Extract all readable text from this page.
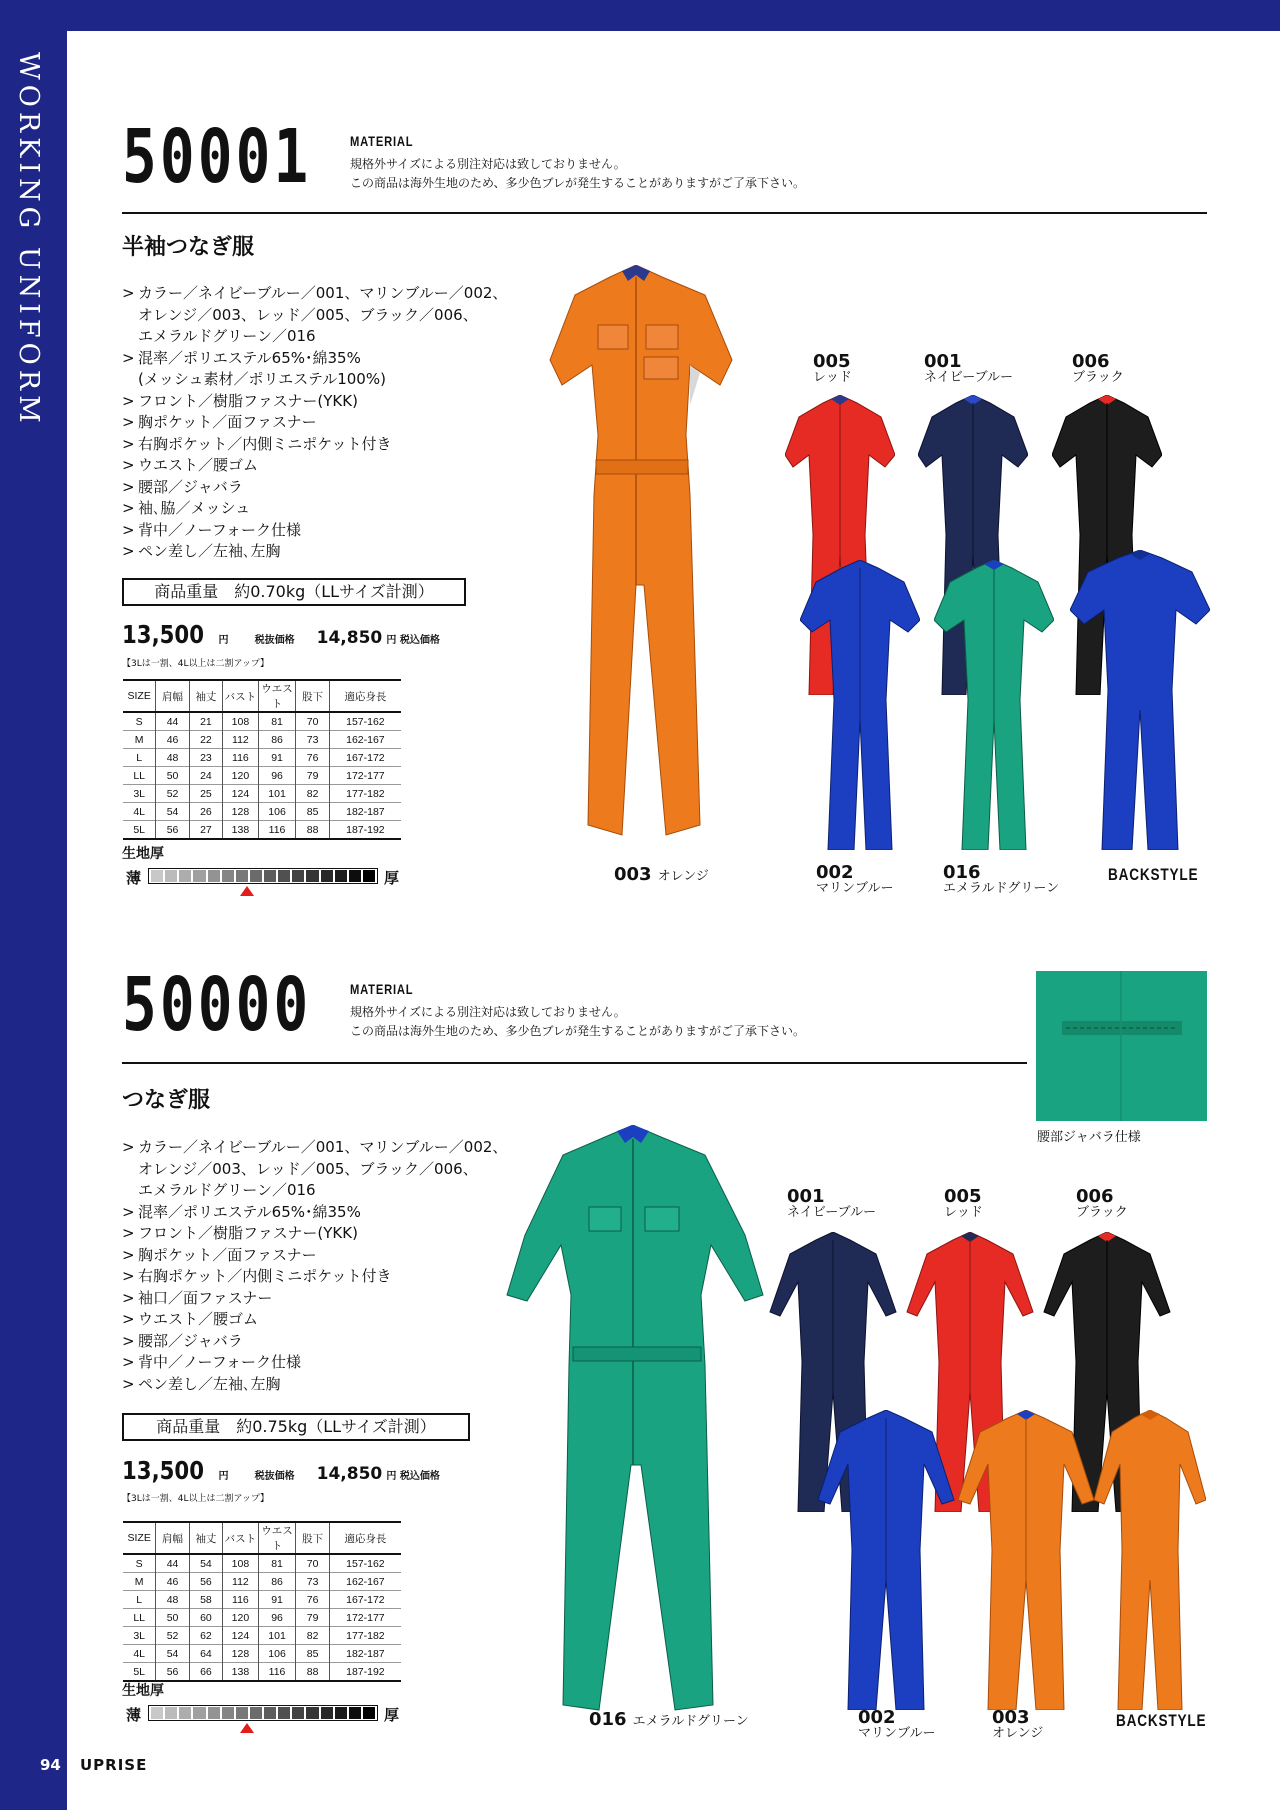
WORKING UNIFORM
94 UPRISE
50001	MATERIAL
規格外サイズによる別注対応は致しておりません。
この商品は海外生地のため、多少色ブレが発生することがありますがご了承下さい。
半袖つなぎ服
> カラー／ネイビーブルー／001、マリンブルー／002、
オレンジ／003、レッド／005、ブラック／006、
エメラルドグリーン／016
> 混率／ポリエステル65%･綿35%
(メッシュ素材／ポリエステル100%)
> フロント／樹脂ファスナー(YKK)
> 胸ポケット／面ファスナー
> 右胸ポケット／内側ミニポケット付き
> ウエスト／腰ゴム
> 腰部／ジャバラ
> 袖､脇／メッシュ
> 背中／ノーフォーク仕様
> ペン差し／左袖､左胸
商品重量　約0.70kg（LLサイズ計測）
13,500 円	税抜価格 14,850 円 税込価格
【3Lは一割、4L以上は二割アップ】
SIZE	肩幅	袖丈	バスト	ウエスト	股下	適応身長
S	44	21	108	81	70	157-162
M	46	22	112	86	73	162-167
L	48	23	116	91	76	167-172
LL	50	24	120	96	79	172-177
3L	52	25	124	101	82	177-182
4L	54	26	128	106	85	182-187
5L	56	27	138	116	88	187-192
生地厚
薄	厚	003 オレンジ
005
レッド
001
ネイビーブルー
006
ブラック
002
マリンブルー
016
エメラルドグリーン
BACKSTYLE
50000	MATERIAL
規格外サイズによる別注対応は致しておりません。
この商品は海外生地のため、多少色ブレが発生することがありますがご了承下さい。
つなぎ服
> カラー／ネイビーブルー／001、マリンブルー／002、
オレンジ／003、レッド／005、ブラック／006、
エメラルドグリーン／016
> 混率／ポリエステル65%･綿35%
> フロント／樹脂ファスナー(YKK)
> 胸ポケット／面ファスナー
> 右胸ポケット／内側ミニポケット付き
> 袖口／面ファスナー
> ウエスト／腰ゴム
> 腰部／ジャバラ
> 背中／ノーフォーク仕様
> ペン差し／左袖､左胸
商品重量　約0.75kg（LLサイズ計測）
13,500 円	税抜価格 14,850 円 税込価格
【3Lは一割、4L以上は二割アップ】
SIZE	肩幅	袖丈	バスト	ウエスト	股下	適応身長
S	44	54	108	81	70	157-162
M	46	56	112	86	73	162-167
L	48	58	116	91	76	167-172
LL	50	60	120	96	79	172-177
3L	52	62	124	101	82	177-182
4L	54	64	128	106	85	182-187
5L	56	66	138	116	88	187-192
生地厚
薄	厚
腰部ジャバラ仕様
016 エメラルドグリーン
001
ネイビーブルー
005
レッド
006
ブラック
002
マリンブルー
003
オレンジ
BACKSTYLE
